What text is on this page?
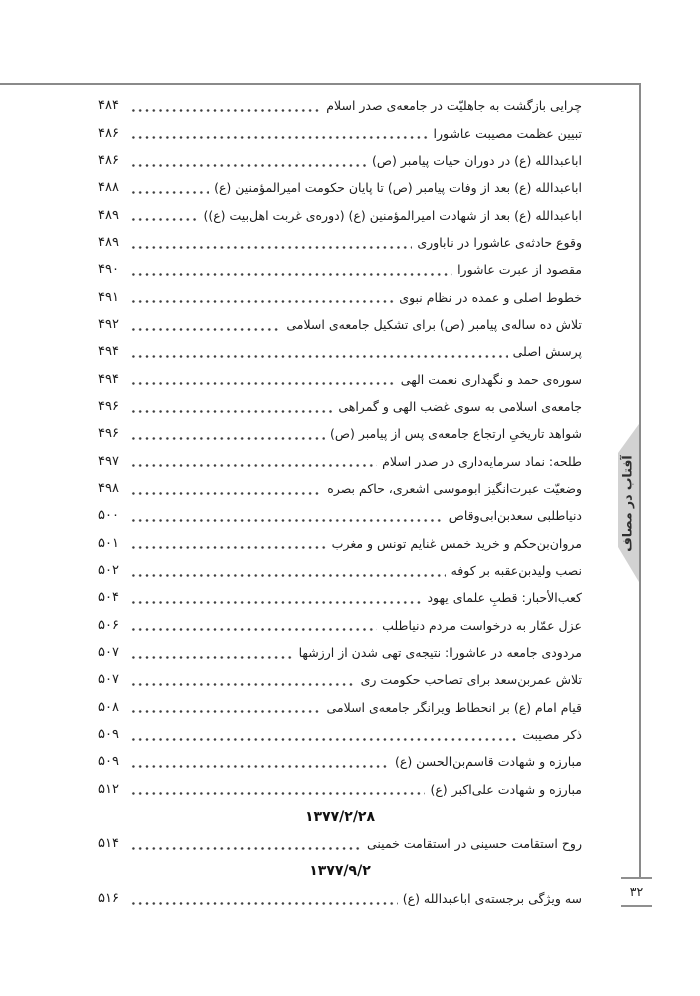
آفتاب در مصاف
چرایی بازگشت به جاهلیّت در جامعه‌ی صدر اسلام
۴۸۴
تبیین عظمت مصیبت عاشورا
۴۸۶
اباعبدالله (ع) در دوران حیات پیامبر (ص)
۴۸۶
اباعبدالله (ع) بعد از وفات پیامبر (ص) تا پایان حکومت امیرالمؤمنین (ع)
۴۸۸
اباعبدالله (ع) بعد از شهادت امیرالمؤمنین (ع) (دوره‌ی غربت اهل‌بیت (ع))
۴۸۹
وقوع حادثه‌ی عاشورا در ناباوری
۴۸۹
مقصود از عبرت عاشورا
۴۹۰
خطوط اصلی و عمده در نظام نبوی
۴۹۱
تلاش ده ساله‌ی پیامبر (ص) برای تشکیل جامعه‌ی اسلامی
۴۹۲
پرسش اصلی
۴۹۴
سوره‌ی حمد و نگهداری نعمت الهی
۴۹۴
جامعه‌ی اسلامی به سوی غضب الهی و گمراهی
۴۹۶
شواهد تاریخیِ ارتجاع جامعه‌ی پس از پیامبر (ص)
۴۹۶
طلحه: نماد سرمایه‌داری در صدر اسلام
۴۹۷
وضعیّت عبرت‌انگیز ابوموسی اشعری، حاکم بصره
۴۹۸
دنیاطلبی سعدبن‌ابی‌وقاص
۵۰۰
مروان‌بن‌حکم و خرید خمس غنایم تونس و مغرب
۵۰۱
نصب ولیدبن‌عقبه بر کوفه
۵۰۲
کعب‌الأحبار: قطبِ علمای یهود
۵۰۴
عزل عمّار به درخواست مردم دنیاطلب
۵۰۶
مردودی جامعه در عاشورا: نتیجه‌ی تهی شدن از ارزشها
۵۰۷
تلاش عمربن‌سعد برای تصاحب حکومت ری
۵۰۷
قیام امام (ع) بر انحطاط ویرانگر جامعه‌ی اسلامی
۵۰۸
ذکر مصیبت
۵۰۹
مبارزه و شهادت قاسم‌بن‌الحسن (ع)
۵۰۹
مبارزه و شهادت علی‌اکبر (ع)
۵۱۲
۱۳۷۷/۲/۲۸
روح استقامت حسینی در استقامت خمینی
۵۱۴
۱۳۷۷/۹/۲
سه ویژگی برجسته‌ی اباعبدالله (ع)
۵۱۶	۳۲
